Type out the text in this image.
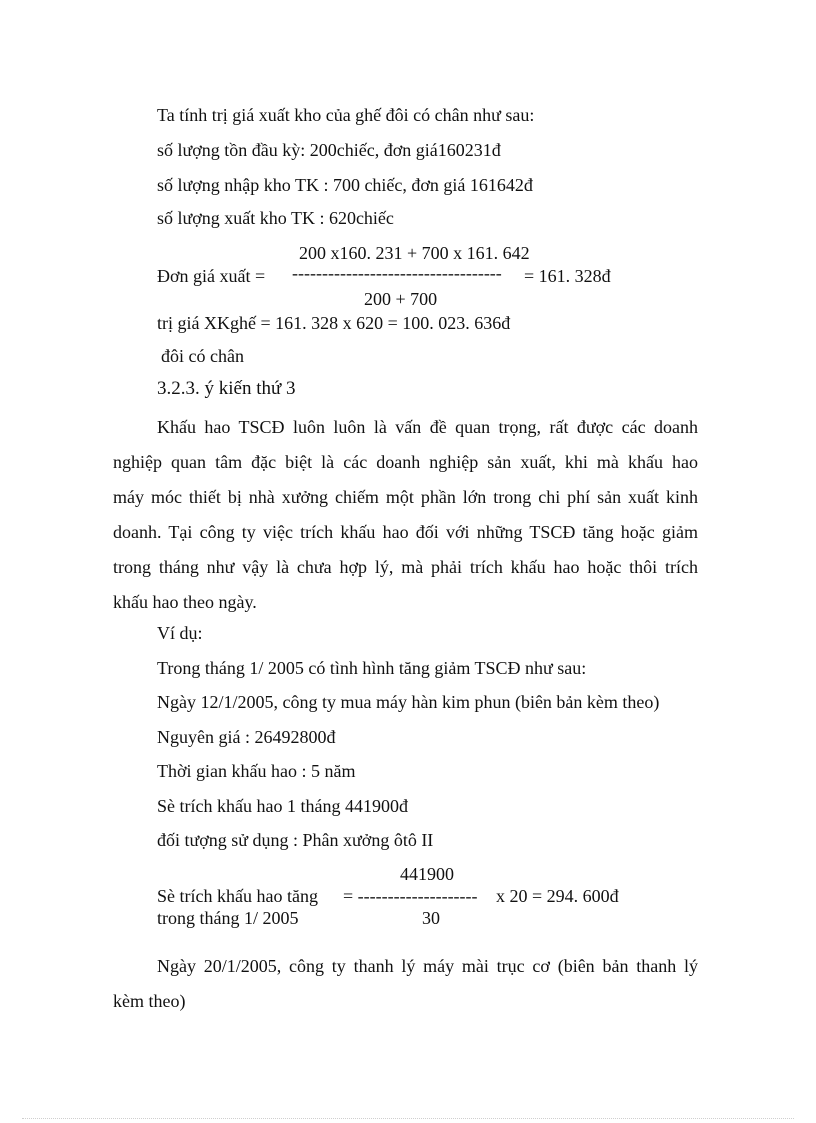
Ta tính trị giá xuất kho của ghế đôi có chân như sau:
số lượng tồn đầu kỳ: 200chiếc, đơn giá160231đ
số lượng nhập kho TK : 700 chiếc, đơn giá 161642đ
số lượng xuất kho TK : 620chiếc
200 x160. 231 + 700 x 161. 642
Đơn giá xuất = ----------------------------------- = 161. 328đ
200 + 700
trị giá XKghế = 161. 328 x 620 = 100. 023. 636đ
đôi có chân
3.2.3. ý kiến thứ 3
Khấu hao TSCĐ luôn luôn là vấn đề quan trọng, rất được các doanh
nghiệp quan tâm đặc biệt là các doanh nghiệp sản xuất, khi mà khấu hao
máy móc thiết bị nhà xưởng chiếm một phần lớn trong chi phí sản xuất kinh
doanh. Tại công ty việc trích khấu hao đối với những TSCĐ tăng hoặc giảm
trong tháng như vậy là chưa hợp lý, mà phải trích khấu hao hoặc thôi trích
khấu hao theo ngày.
Ví dụ:
Trong tháng 1/ 2005 có tình hình tăng giảm TSCĐ như sau:
Ngày 12/1/2005, công ty mua máy hàn kim phun (biên bản kèm theo)
Nguyên giá : 26492800đ
Thời gian khấu hao : 5 năm
Sè trích khấu hao 1 tháng 441900đ
đối tượng sử dụng : Phân xưởng ôtô II
441900
Sè trích khấu hao tăng = -------------------- x 20 = 294. 600đ
trong tháng 1/ 2005	30
Ngày 20/1/2005, công ty thanh lý máy mài trục cơ (biên bản thanh lý
kèm theo)
